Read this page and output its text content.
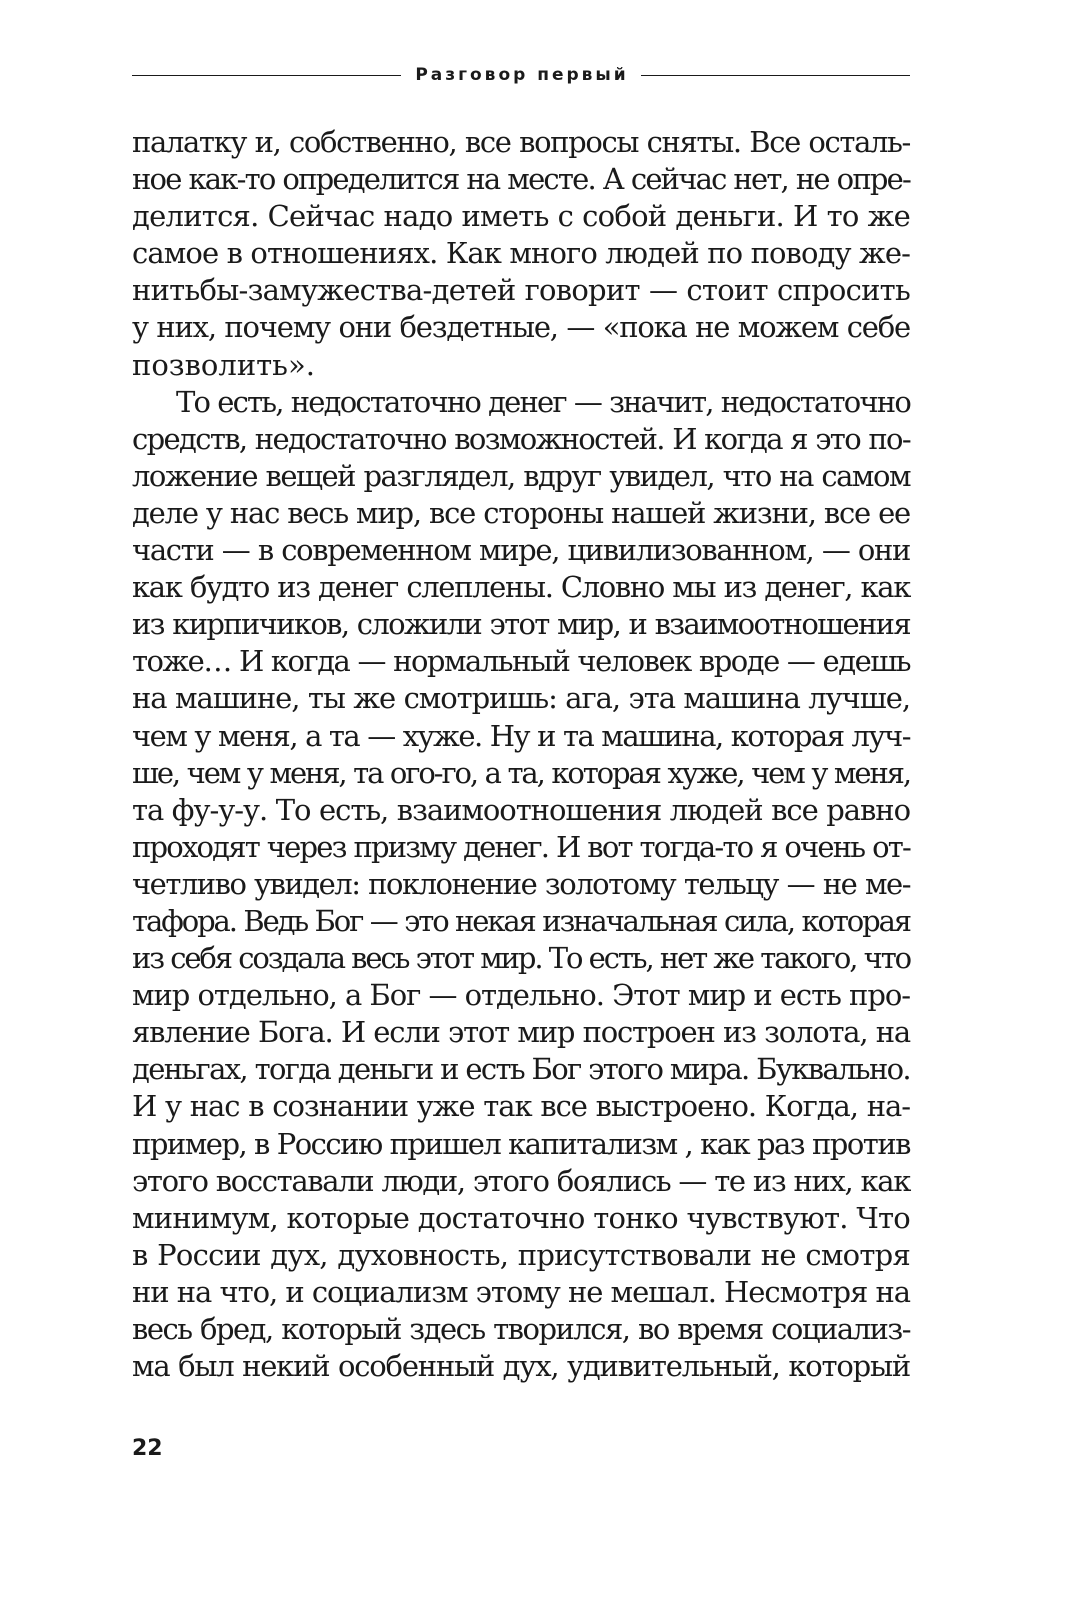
Разговор первый
палатку и, собственно, все вопросы сняты. Все осталь-
ное как-то определится на месте. А сейчас нет, не опре-
делится. Сейчас надо иметь с собой деньги. И то же
самое в отношениях. Как много людей по поводу же-
нитьбы-замужества-детей говорит — стоит спросить
у них, почему они бездетные, — «пока не можем себе
позволить».
То есть, недостаточно денег — значит, недостаточно
средств, недостаточно возможностей. И когда я это по-
ложение вещей разглядел, вдруг увидел, что на самом
деле у нас весь мир, все стороны нашей жизни, все ее
части — в современном мире, цивилизованном, — они
как будто из денег слеплены. Словно мы из денег, как
из кирпичиков, сложили этот мир, и взаимоотношения
тоже… И когда — нормальный человек вроде — едешь
на машине, ты же смотришь: ага, эта машина лучше,
чем у меня, а та — хуже. Ну и та машина, которая луч-
ше, чем у меня, та ого-го, а та, которая хуже, чем у меня,
та фу-у-у. То есть, взаимоотношения людей все равно
проходят через призму денег. И вот тогда-то я очень от-
четливо увидел: поклонение золотому тельцу — не ме-
тафора. Ведь Бог — это некая изначальная сила, которая
из себя создала весь этот мир. То есть, нет же такого, что
мир отдельно, а Бог — отдельно. Этот мир и есть про-
явление Бога. И если этот мир построен из золота, на
деньгах, тогда деньги и есть Бог этого мира. Буквально.
И у нас в сознании уже так все выстроено. Когда, на-
пример, в Россию пришел капитализм , как раз против
этого восставали люди, этого боялись — те из них, как
минимум, которые достаточно тонко чувствуют. Что
в России дух, духовность, присутствовали не смотря
ни на что, и социализм этому не мешал. Несмотря на
весь бред, который здесь творился, во время социализ-
ма был некий особенный дух, удивительный, который
22
